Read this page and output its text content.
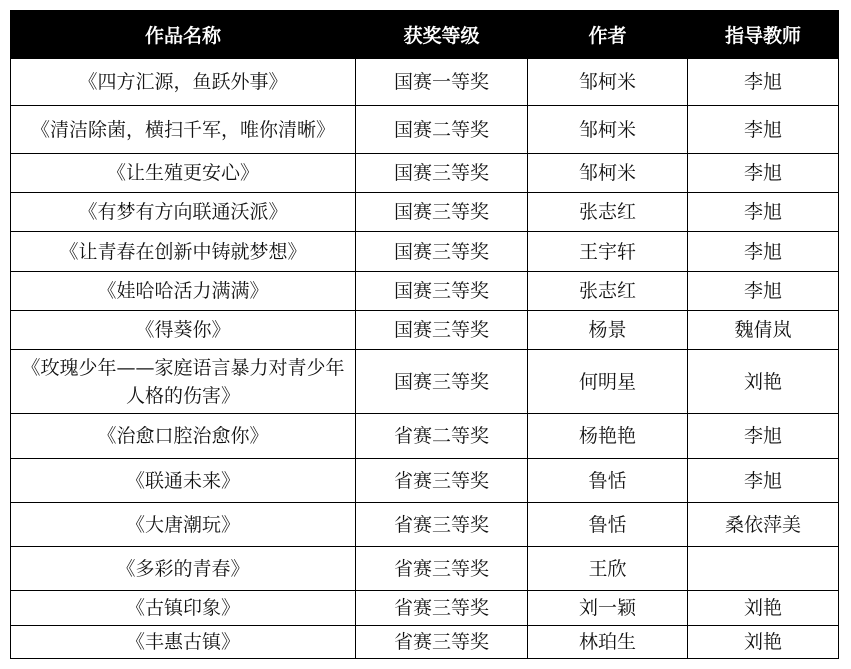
作品名称	获奖等级	作者	指导教师
《四方汇源，鱼跃外事》	国赛一等奖	邹柯米	李旭
《清洁除菌，横扫千军，唯你清晰》	国赛二等奖	邹柯米	李旭
《让生殖更安心》	国赛三等奖	邹柯米	李旭
《有梦有方向联通沃派》	国赛三等奖	张志红	李旭
《让青春在创新中铸就梦想》	国赛三等奖	王宇轩	李旭
《娃哈哈活力满满》	国赛三等奖	张志红	李旭
《得葵你》	国赛三等奖	杨景	魏倩岚
《玫瑰少年——家庭语言暴力对青少年人格的伤害》	国赛三等奖	何明星	刘艳
《治愈口腔治愈你》	省赛二等奖	杨艳艳	李旭
《联通未来》	省赛三等奖	鲁恬	李旭
《大唐潮玩》	省赛三等奖	鲁恬	桑依萍美
《多彩的青春》	省赛三等奖	王欣	
《古镇印象》	省赛三等奖	刘一颖	刘艳
《丰惠古镇》	省赛三等奖	林珀生	刘艳
